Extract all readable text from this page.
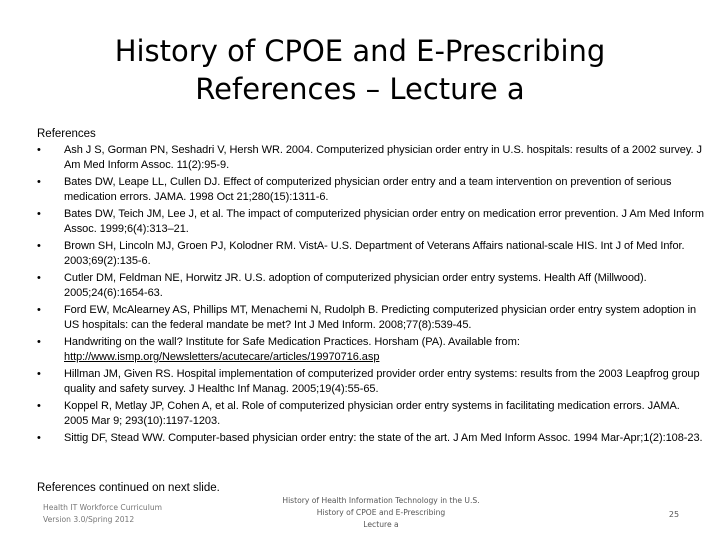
History of CPOE and E-Prescribing
References – Lecture a
References
•	Ash J S, Gorman PN, Seshadri V, Hersh WR. 2004. Computerized physician order entry in U.S. hospitals: results of a 2002 survey. J Am Med Inform Assoc. 11(2):95-9.
•	Bates DW, Leape LL, Cullen DJ. Effect of computerized physician order entry and a team intervention on prevention of serious medication errors. JAMA. 1998 Oct 21;280(15):1311-6.
•	Bates DW, Teich JM, Lee J, et al. The impact of computerized physician order entry on medication error prevention. J Am Med Inform Assoc. 1999;6(4):313–21.
•	Brown SH, Lincoln MJ, Groen PJ, Kolodner RM. VistA- U.S. Department of Veterans Affairs national-scale HIS. Int J of Med Infor. 2003;69(2):135-6.
•	Cutler DM, Feldman NE, Horwitz JR. U.S. adoption of computerized physician order entry systems. Health Aff (Millwood). 2005;24(6):1654-63.
•	Ford EW, McAlearney AS, Phillips MT, Menachemi N, Rudolph B. Predicting computerized physician order entry system adoption in US hospitals: can the federal mandate be met? Int J Med Inform. 2008;77(8):539-45.
•	Handwriting on the wall? Institute for Safe Medication Practices. Horsham (PA). Available from: http://www.ismp.org/Newsletters/acutecare/articles/19970716.asp
•	Hillman JM, Given RS. Hospital implementation of computerized provider order entry systems: results from the 2003 Leapfrog group quality and safety survey. J Healthc Inf Manag. 2005;19(4):55-65.
•	Koppel R, Metlay JP, Cohen A, et al. Role of computerized physician order entry systems in facilitating medication errors. JAMA. 2005 Mar 9; 293(10):1197-1203.
•	Sittig DF, Stead WW. Computer-based physician order entry: the state of the art. J Am Med Inform Assoc. 1994 Mar-Apr;1(2):108-23.
References continued on next slide.
Health IT Workforce Curriculum
Version 3.0/Spring 2012
History of Health Information Technology in the U.S.
History of CPOE and E-Prescribing
Lecture a
25
